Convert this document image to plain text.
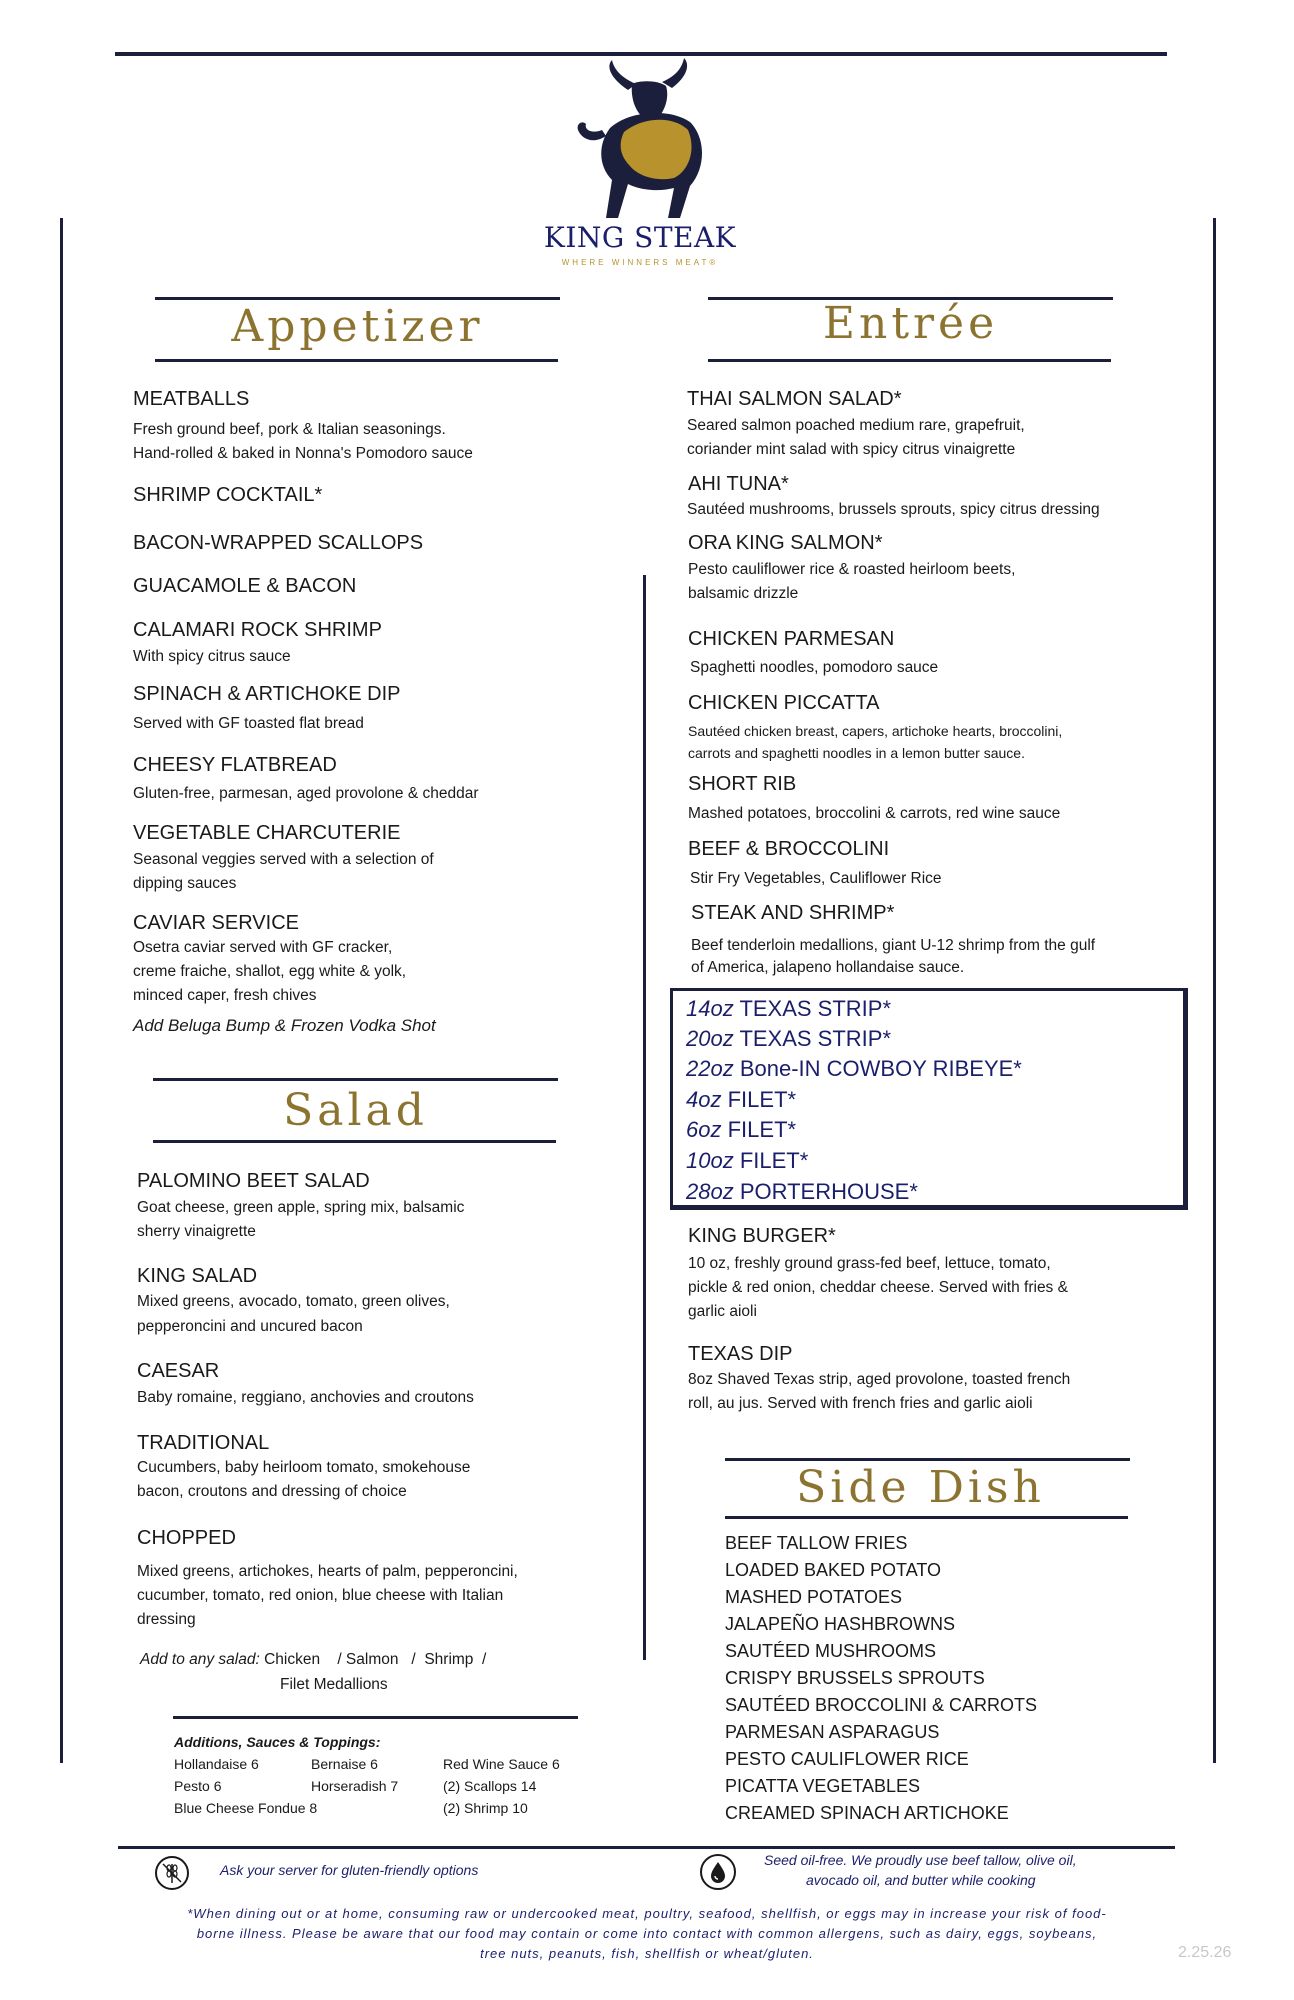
KING STEAK
WHERE WINNERS MEAT®
Appetizer	Entrée
MEATBALLS
Fresh ground beef, pork & Italian seasonings.
Hand-rolled & baked in Nonna's Pomodoro sauce
SHRIMP COCKTAIL*
BACON-WRAPPED SCALLOPS
GUACAMOLE & BACON
CALAMARI ROCK SHRIMP
With spicy citrus sauce
SPINACH & ARTICHOKE DIP
Served with GF toasted flat bread
CHEESY FLATBREAD
Gluten-free, parmesan, aged provolone & cheddar
VEGETABLE CHARCUTERIE
Seasonal veggies served with a selection of
dipping sauces
CAVIAR SERVICE
Osetra caviar served with GF cracker,
creme fraiche, shallot, egg white & yolk,
minced caper, fresh chives
Add Beluga Bump & Frozen Vodka Shot
Salad
PALOMINO BEET SALAD
Goat cheese, green apple, spring mix, balsamic
sherry vinaigrette
KING SALAD
Mixed greens, avocado, tomato, green olives,
pepperoncini and uncured bacon
CAESAR
Baby romaine, reggiano, anchovies and croutons
TRADITIONAL
Cucumbers, baby heirloom tomato, smokehouse
bacon, croutons and dressing of choice
CHOPPED
Mixed greens, artichokes, hearts of palm, pepperoncini,
cucumber, tomato, red onion, blue cheese with Italian
dressing
Add to any salad: Chicken    / Salmon   /  Shrimp  /
Filet Medallions
Additions, Sauces & Toppings:
Hollandaise 6
Pesto 6
Blue Cheese Fondue 8
Bernaise 6
Horseradish 7
Red Wine Sauce 6
(2) Scallops 14
(2) Shrimp 10
THAI SALMON SALAD*
Seared salmon poached medium rare, grapefruit,
coriander mint salad with spicy citrus vinaigrette
AHI TUNA*
Sautéed mushrooms, brussels sprouts, spicy citrus dressing
ORA KING SALMON*
Pesto cauliflower rice & roasted heirloom beets,
balsamic drizzle
CHICKEN PARMESAN
Spaghetti noodles, pomodoro sauce
CHICKEN PICCATTA
Sautéed chicken breast, capers, artichoke hearts, broccolini,
carrots and spaghetti noodles in a lemon butter sauce.
SHORT RIB
Mashed potatoes, broccolini & carrots, red wine sauce
BEEF & BROCCOLINI
Stir Fry Vegetables, Cauliflower Rice
STEAK AND SHRIMP*
Beef tenderloin medallions, giant U-12 shrimp from the gulf
of America, jalapeno hollandaise sauce.
14oz TEXAS STRIP*
20oz TEXAS STRIP*
22oz Bone-IN COWBOY RIBEYE*
4oz FILET*
6oz FILET*
10oz FILET*
28oz PORTERHOUSE*
KING BURGER*
10 oz, freshly ground grass-fed beef, lettuce, tomato,
pickle & red onion, cheddar cheese. Served with fries &
garlic aioli
TEXAS DIP
8oz Shaved Texas strip, aged provolone, toasted french
roll, au jus. Served with french fries and garlic aioli
Side Dish
BEEF TALLOW FRIES
LOADED BAKED POTATO
MASHED POTATOES
JALAPEÑO HASHBROWNS
SAUTÉED MUSHROOMS
CRISPY BRUSSELS SPROUTS
SAUTÉED BROCCOLINI & CARROTS
PARMESAN ASPARAGUS
PESTO CAULIFLOWER RICE
PICATTA VEGETABLES
CREAMED SPINACH ARTICHOKE
Ask your server for gluten-friendly options
Seed oil-free. We proudly use beef tallow, olive oil,
avocado oil, and butter while cooking
*When dining out or at home, consuming raw or undercooked meat, poultry, seafood, shellfish, or eggs may in increase your risk of food-
borne illness. Please be aware that our food may contain or come into contact with common allergens, such as dairy, eggs, soybeans,
tree nuts, peanuts, fish, shellfish or wheat/gluten.	2.25.26
